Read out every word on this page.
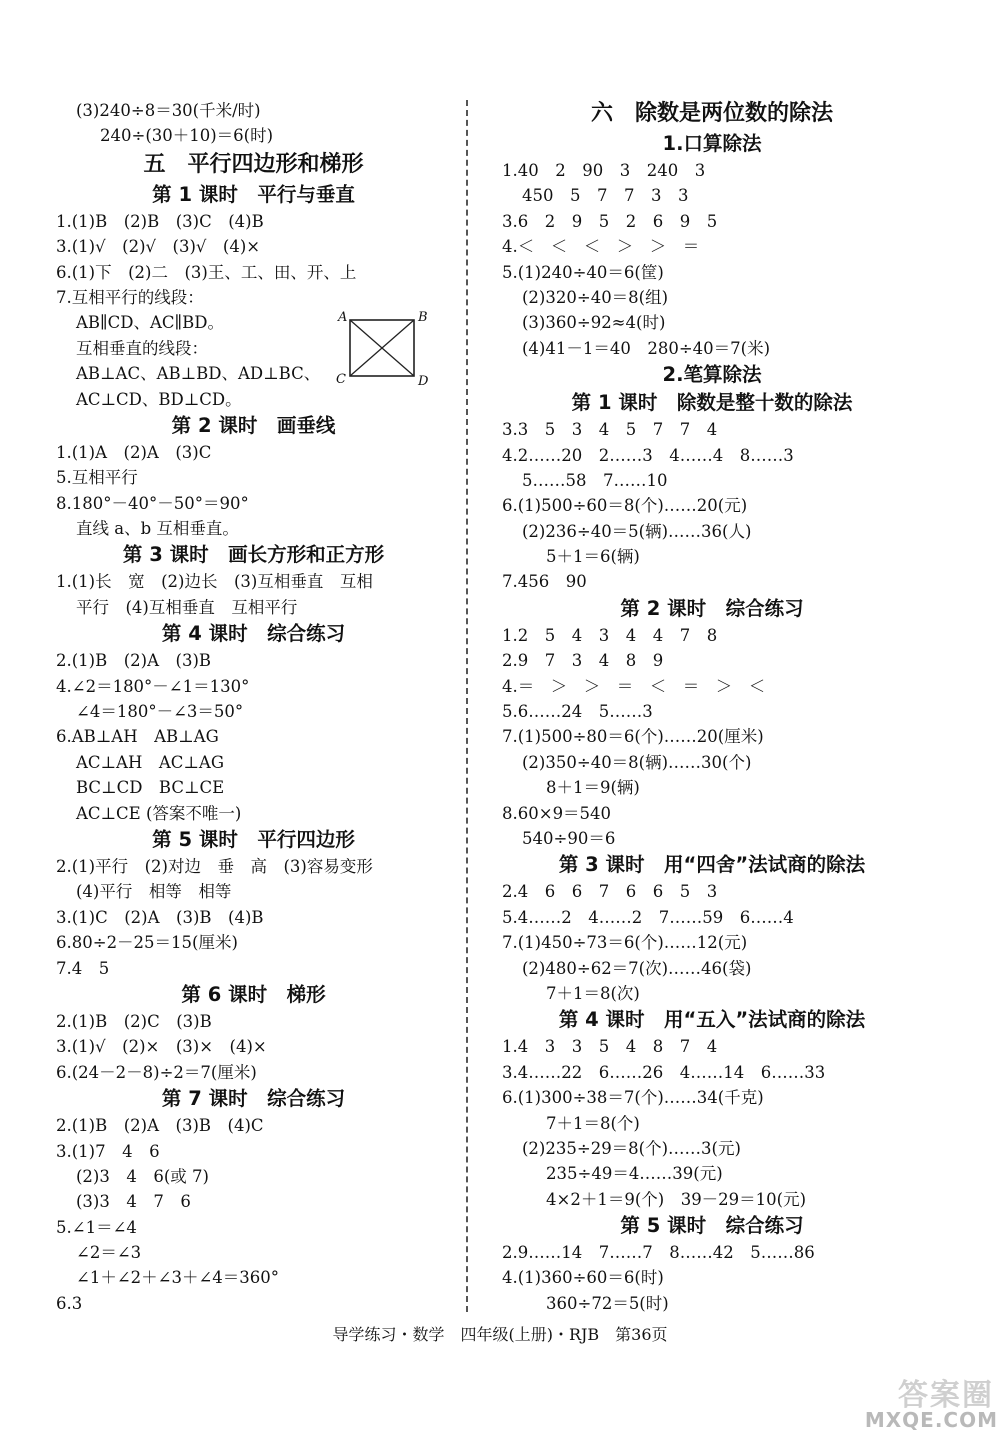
(3)240÷8＝30(千米/时)
240÷(30＋10)＝6(时)
五　平行四边形和梯形
第 1 课时　平行与垂直
1.(1)B　(2)B　(3)C　(4)B
3.(1)√　(2)√　(3)√　(4)×
6.(1)下　(2)二　(3)王、工、田、开、上
7.互相平行的线段：
AB∥CD、AC∥BD。
互相垂直的线段：
AB⊥AC、AB⊥BD、AD⊥BC、
AC⊥CD、BD⊥CD。
第 2 课时　画垂线
1.(1)A　(2)A　(3)C
5.互相平行
8.180°－40°－50°＝90°
直线 a、b 互相垂直。
第 3 课时　画长方形和正方形
1.(1)长　宽　(2)边长　(3)互相垂直　互相
平行　(4)互相垂直　互相平行
第 4 课时　综合练习
2.(1)B　(2)A　(3)B
4.∠2＝180°－∠1＝130°
∠4＝180°－∠3＝50°
6.AB⊥AH　AB⊥AG
AC⊥AH　AC⊥AG
BC⊥CD　BC⊥CE
AC⊥CE (答案不唯一)
第 5 课时　平行四边形
2.(1)平行　(2)对边　垂　高　(3)容易变形
(4)平行　相等　相等
3.(1)C　(2)A　(3)B　(4)B
6.80÷2－25＝15(厘米)
7.4　5
第 6 课时　梯形
2.(1)B　(2)C　(3)B
3.(1)√　(2)×　(3)×　(4)×
6.(24－2－8)÷2＝7(厘米)
第 7 课时　综合练习
2.(1)B　(2)A　(3)B　(4)C
3.(1)7　4　6
(2)3　4　6(或 7)
(3)3　4　7　6
5.∠1＝∠4
∠2＝∠3
∠1＋∠2＋∠3＋∠4＝360°
6.3
六　除数是两位数的除法
1.口算除法
1.40　2　90　3　240　3
450　5　7　7　3　3
3.6　2　9　5　2　6　9　5
4.＜　＜　＜　＞　＞　＝
5.(1)240÷40＝6(筐)
(2)320÷40＝8(组)
(3)360÷92≈4(时)
(4)41－1＝40　280÷40＝7(米)
2.笔算除法
第 1 课时　除数是整十数的除法
3.3　5　3　4　5　7　7　4
4.2……20　2……3　4……4　8……3
5……58　7……10
6.(1)500÷60＝8(个)……20(元)
(2)236÷40＝5(辆)……36(人)
5＋1＝6(辆)
7.456　90
第 2 课时　综合练习
1.2　5　4　3　4　4　7　8
2.9　7　3　4　8　9
4.＝　＞　＞　＝　＜　＝　＞　＜
5.6……24　5……3
7.(1)500÷80＝6(个)……20(厘米)
(2)350÷40＝8(辆)……30(个)
8＋1＝9(辆)
8.60×9＝540
540÷90＝6
第 3 课时　用“四舍”法试商的除法
2.4　6　6　7　6　6　5　3
5.4……2　4……2　7……59　6……4
7.(1)450÷73＝6(个)……12(元)
(2)480÷62＝7(次)……46(袋)
7＋1＝8(次)
第 4 课时　用“五入”法试商的除法
1.4　3　3　5　4　8　7　4
3.4……22　6……26　4……14　6……33
6.(1)300÷38＝7(个)……34(千克)
7＋1＝8(个)
(2)235÷29＝8(个)……3(元)
235÷49＝4……39(元)
4×2＋1＝9(个)　39－29＝10(元)
第 5 课时　综合练习
2.9……14　7……7　8……42　5……86
4.(1)360÷60＝6(时)
360÷72＝5(时)
A	B
C	D
导学练习・数学　四年级(上册)・RJB　第36页
答案圈
MXQE.COM
